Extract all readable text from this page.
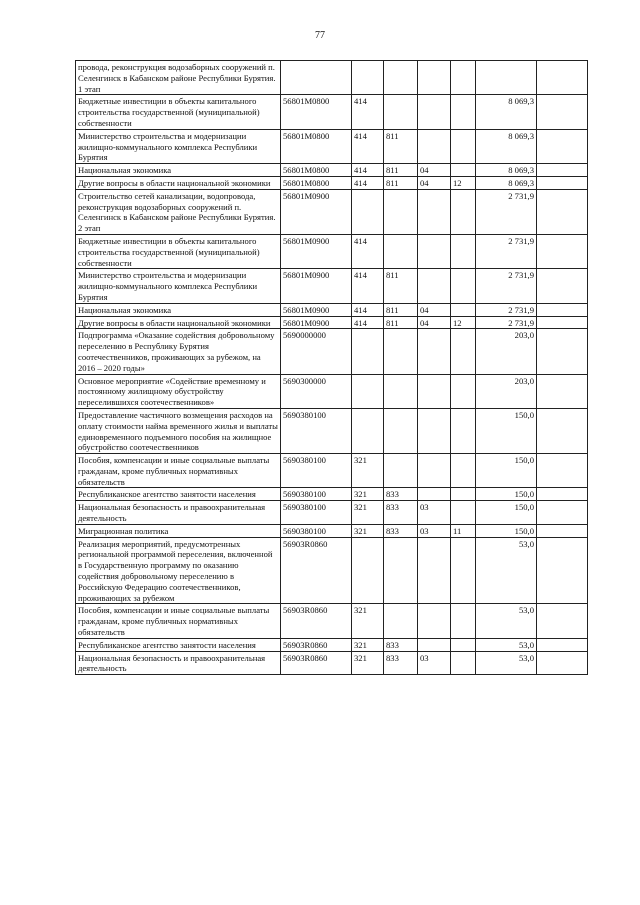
77
провода, реконструкция водозаборных сооружений п. Селенгинск в Кабанском районе Республики Бурятия. 1 этап							
Бюджетные инвестиции в объекты капитального строительства государственной (муниципальной) собственности	56801M0800	414				8 069,3	
Министерство строительства и модернизации жилищно-коммунального комплекса Республики Бурятия	56801M0800	414	811			8 069,3	
Национальная экономика	56801M0800	414	811	04		8 069,3	
Другие вопросы в области национальной экономики	56801M0800	414	811	04	12	8 069,3	
Строительство сетей канализации, водопровода, реконструкция водозаборных сооружений п. Селенгинск в Кабанском районе Республики Бурятия. 2 этап	56801M0900					2 731,9	
Бюджетные инвестиции в объекты капитального строительства государственной (муниципальной) собственности	56801M0900	414				2 731,9	
Министерство строительства и модернизации жилищно-коммунального комплекса Республики Бурятия	56801M0900	414	811			2 731,9	
Национальная экономика	56801M0900	414	811	04		2 731,9	
Другие вопросы в области национальной экономики	56801M0900	414	811	04	12	2 731,9	
Подпрограмма «Оказание содействия добровольному переселению в Республику Бурятия соотечественников, проживающих за рубежом, на 2016 – 2020 годы»	5690000000					203,0	
Основное мероприятие «Содействие временному и постоянному жилищному обустройству переселившихся соотечественников»	5690300000					203,0	
Предоставление частичного возмещения расходов на оплату стоимости найма временного жилья и выплаты единовременного подъемного пособия на жилищное обустройство соотечественников	5690380100					150,0	
Пособия, компенсации и иные социальные выплаты гражданам, кроме публичных нормативных обязательств	5690380100	321				150,0	
Республиканское агентство занятости населения	5690380100	321	833			150,0	
Национальная безопасность и правоохранительная деятельность	5690380100	321	833	03		150,0	
Миграционная политика	5690380100	321	833	03	11	150,0	
Реализация мероприятий, предусмотренных региональной программой переселения, включенной в Государственную программу по оказанию содействия добровольному переселению в Российскую Федерацию соотечественников, проживающих за рубежом	56903R0860					53,0	
Пособия, компенсации и иные социальные выплаты гражданам, кроме публичных нормативных обязательств	56903R0860	321				53,0	
Республиканское агентство занятости населения	56903R0860	321	833			53,0	
Национальная безопасность и правоохранительная деятельность	56903R0860	321	833	03		53,0	
